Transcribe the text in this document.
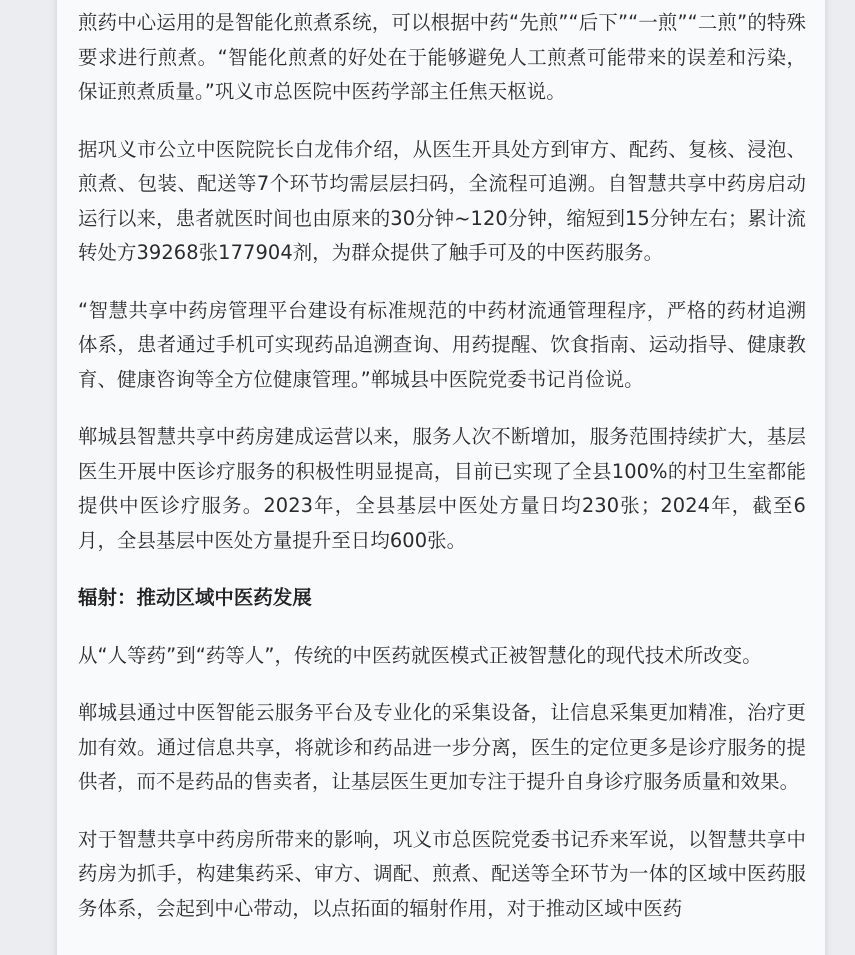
煎药中心运用的是智能化煎煮系统，可以根据中药“先煎”“后下”“一煎”“二煎”的特殊要求进行煎煮。“智能化煎煮的好处在于能够避免人工煎煮可能带来的误差和污染，保证煎煮质量。”巩义市总医院中医药学部主任焦天枢说。

据巩义市公立中医院院长白龙伟介绍，从医生开具处方到审方、配药、复核、浸泡、煎煮、包装、配送等7个环节均需层层扫码，全流程可追溯。自智慧共享中药房启动运行以来，患者就医时间也由原来的30分钟~120分钟，缩短到15分钟左右；累计流转处方39268张177904剂，为群众提供了触手可及的中医药服务。

“智慧共享中药房管理平台建设有标准规范的中药材流通管理程序，严格的药材追溯体系，患者通过手机可实现药品追溯查询、用药提醒、饮食指南、运动指导、健康教育、健康咨询等全方位健康管理。”郸城县中医院党委书记肖俭说。

郸城县智慧共享中药房建成运营以来，服务人次不断增加，服务范围持续扩大，基层医生开展中医诊疗服务的积极性明显提高，目前已实现了全县100%的村卫生室都能提供中医诊疗服务。2023年，全县基层中医处方量日均230张；2024年，截至6月，全县基层中医处方量提升至日均600张。

辐射：推动区域中医药发展

从“人等药”到“药等人”，传统的中医药就医模式正被智慧化的现代技术所改变。

郸城县通过中医智能云服务平台及专业化的采集设备，让信息采集更加精准，治疗更加有效。通过信息共享，将就诊和药品进一步分离，医生的定位更多是诊疗服务的提供者，而不是药品的售卖者，让基层医生更加专注于提升自身诊疗服务质量和效果。

对于智慧共享中药房所带来的影响，巩义市总医院党委书记乔来军说，以智慧共享中药房为抓手，构建集药采、审方、调配、煎煮、配送等全环节为一体的区域中医药服务体系，会起到中心带动，以点拓面的辐射作用，对于推动区域中医药
